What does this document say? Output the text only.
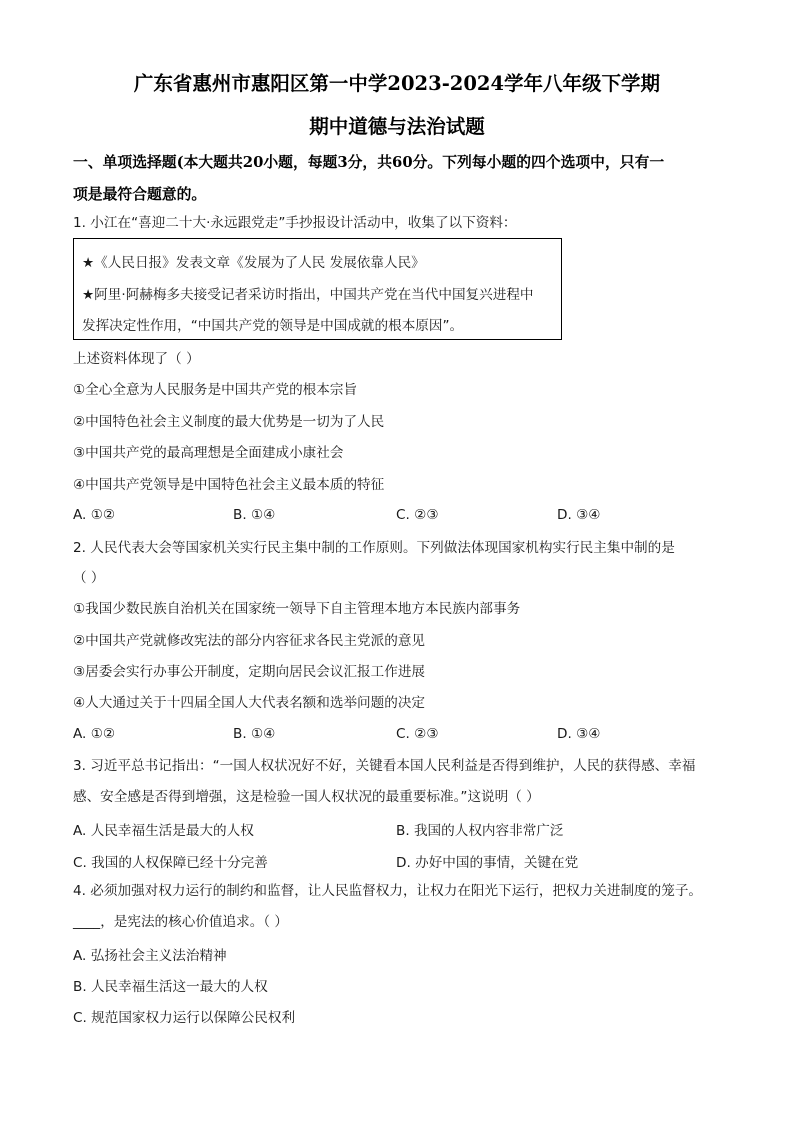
广东省惠州市惠阳区第一中学2023-2024学年八年级下学期
期中道德与法治试题
一、单项选择题(本大题共20小题，每题3分，共60分。下列每小题的四个选项中，只有一
项是最符合题意的。
1. 小江在“喜迎二十大·永远跟党走”手抄报设计活动中，收集了以下资料：
★《人民日报》发表文章《发展为了人民 发展依靠人民》
★阿里·阿赫梅多夫接受记者采访时指出，中国共产党在当代中国复兴进程中
发挥决定性作用，“中国共产党的领导是中国成就的根本原因”。
上述资料体现了（ ）
①全心全意为人民服务是中国共产党的根本宗旨
②中国特色社会主义制度的最大优势是一切为了人民
③中国共产党的最高理想是全面建成小康社会
④中国共产党领导是中国特色社会主义最本质的特征
A. ①②	B. ①④	C. ②③	D. ③④
2. 人民代表大会等国家机关实行民主集中制的工作原则。下列做法体现国家机构实行民主集中制的是
（ ）
①我国少数民族自治机关在国家统一领导下自主管理本地方本民族内部事务
②中国共产党就修改宪法的部分内容征求各民主党派的意见
③居委会实行办事公开制度，定期向居民会议汇报工作进展
④人大通过关于十四届全国人大代表名额和选举问题的决定
A. ①②	B. ①④	C. ②③	D. ③④
3. 习近平总书记指出：“一国人权状况好不好，关键看本国人民利益是否得到维护，人民的获得感、幸福
感、安全感是否得到增强，这是检验一国人权状况的最重要标准。”这说明（ ）
A. 人民幸福生活是最大的人权	B. 我国的人权内容非常广泛
C. 我国的人权保障已经十分完善	D. 办好中国的事情，关键在党
4. 必须加强对权力运行的制约和监督，让人民监督权力，让权力在阳光下运行，把权力关进制度的笼子。
____，是宪法的核心价值追求。（ ）
A. 弘扬社会主义法治精神
B. 人民幸福生活这一最大的人权
C. 规范国家权力运行以保障公民权利
